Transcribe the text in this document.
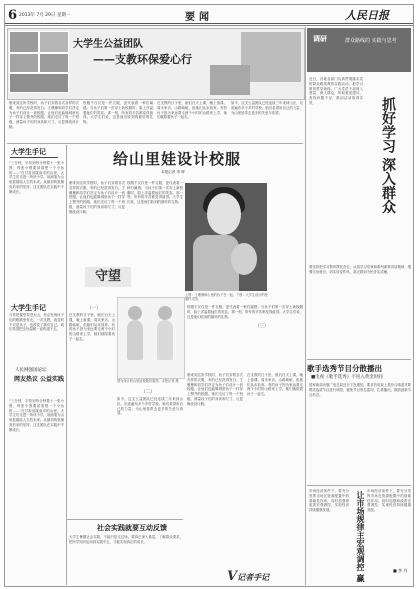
6 2013年 7月 29日 星期一	要闻	人民日报
大学生公益团队
——支教环保爱心行
调研	群众路线的 实践与思考
刚来到这所学校时，孩子们穿着各式各样的衣服，有的已经洗得发白。王珊珊和同学们决定为孩子们设计一套校服，让他们也能像城里孩子一样穿上整齐的校服。她们走访了每一个班级，测量孩子们的身高和尺寸，反复修改设计稿。
校服不仅仅是一件衣服，更代表着一种归属感。当孩子们第一次穿上新校服时，脸上洋溢着灿烂的笑容。那一刻，所有的辛苦都变得值得。大学生们说，这是他们收到的最好的礼物。
在支教的日子里，她们白天上课，晚上备课，周末家访。山路崎岖，但她们从未放弃。有的孩子因为家远要走两个小时的山路来上学，她们就陪着孩子一起走。
如今，这支公益团队已经连续三年来到山区，足迹遍布多个乡村学校。她们希望用自己的力量，为山里娃带去更多的关爱与希望。
大学生手记
"三分钟，平均到每分钟要十一张小图，每张小图要讲清楚一个小孩的……"在甘肃省陇南市的山里，大学生们走进一所所小学，用画笔为山里娃描绘人生的未来。从最初的犹豫到后来的坚持，这支团队在实践中不断成长。
大学生手记
当你把课堂带进大山，你会发现孩子们的眼睛里有光。一次支教，改变的不仅是孩子，也改变了我们自己。我们希望把这份温暖一直传递下去。
人民网强国论坛
网友热议 公益实践
"三分钟，平均到每分钟要十一张小图，每张小图要讲清楚一个小孩的……"在甘肃省陇南市的山里，大学生们走进一所所小学，用画笔为山里娃描绘人生的未来。从最初的犹豫到后来的坚持，这支团队在实践中不断成长。
给山里娃设计校服
本报记者 李 晔
刚来到这所学校时，孩子们穿着各式各样的衣服，有的已经洗得发白。王珊珊和同学们决定为孩子们设计一套校服，让他们也能像城里孩子一样穿上整齐的校服。她们走访了每一个班级，测量孩子们的身高和尺寸，反复修改设计稿。
校服不仅仅是一件衣服，更代表着一种归属感。当孩子们第一次穿上新校服时，脸上洋溢着灿烂的笑容。那一刻，所有的辛苦都变得值得。大学生们说，这是他们收到的最好的礼物。
守望
上图：王珊珊和山里的孩子在一起。下图：大学生设计的校服样式图。
（一）
在支教的日子里，她们白天上课，晚上备课，周末家访。山路崎岖，但她们从未放弃。有的孩子因为家远要走两个小时的山路来上学，她们就陪着孩子一起走。
图为设计的山里娃校服效果图。本报记者 摄
（二）
如今，这支公益团队已经连续三年来到山区，足迹遍布多个乡村学校。她们希望用自己的力量，为山里娃带去更多的关爱与希望。
（三）
校服不仅仅是一件衣服，更代表着一种归属感。当孩子们第一次穿上新校服时，脸上洋溢着灿烂的笑容。那一刻，所有的辛苦都变得值得。大学生们说，这是他们收到的最好的礼物。
刚来到这所学校时，孩子们穿着各式各样的衣服，有的已经洗得发白。王珊珊和同学们决定为孩子们设计一套校服，让他们也能像城里孩子一样穿上整齐的校服。她们走访了每一个班级，测量孩子们的身高和尺寸，反复修改设计稿。
在支教的日子里，她们白天上课，晚上备课，周末家访。山路崎岖，但她们从未放弃。有的孩子因为家远要走两个小时的山路来上学，她们就陪着孩子一起走。
社会实践就要互动反馈
大学生暑期社会实践，不能只是走过场。要真正深入基层，了解群众需求，把所学知识运用到实践中去，才能实现真正的成长。
V记者手记
近日，各地各部门认真贯彻落实党的群众路线教育实践活动，把学习教育贯穿始终。广大党员干部深入基层、深入群众，听取意见建议，查找问题不足，推动活动取得实效。	抓好学习 深入群众
要坚持把学习教育摆在首位，认真学习党章和系列重要讲话精神，增强宗旨意识，切实转变作风，真正做到为民务实清廉。
歌手选秀节目分散播出
■电视《歌手选秀》不进入黄金时间
国家新闻出版广电总局近日下发通知，要求各电视上星综合频道对歌唱类选拔节目进行调控，避免节目形态雷同、扎堆播出，鼓励创新节目形态。
市场经济条件下，要充分发挥市场在资源配置中的基础性作用，同时加强和改善宏观调控，实现经济持续健康发展。	让市场规律主宏观调控 赢 市场经济条件下，要充分发挥市场在资源配置中的基础性作用，同时加强和改善宏观调控，实现经济持续健康发展。
■ 李 丹
